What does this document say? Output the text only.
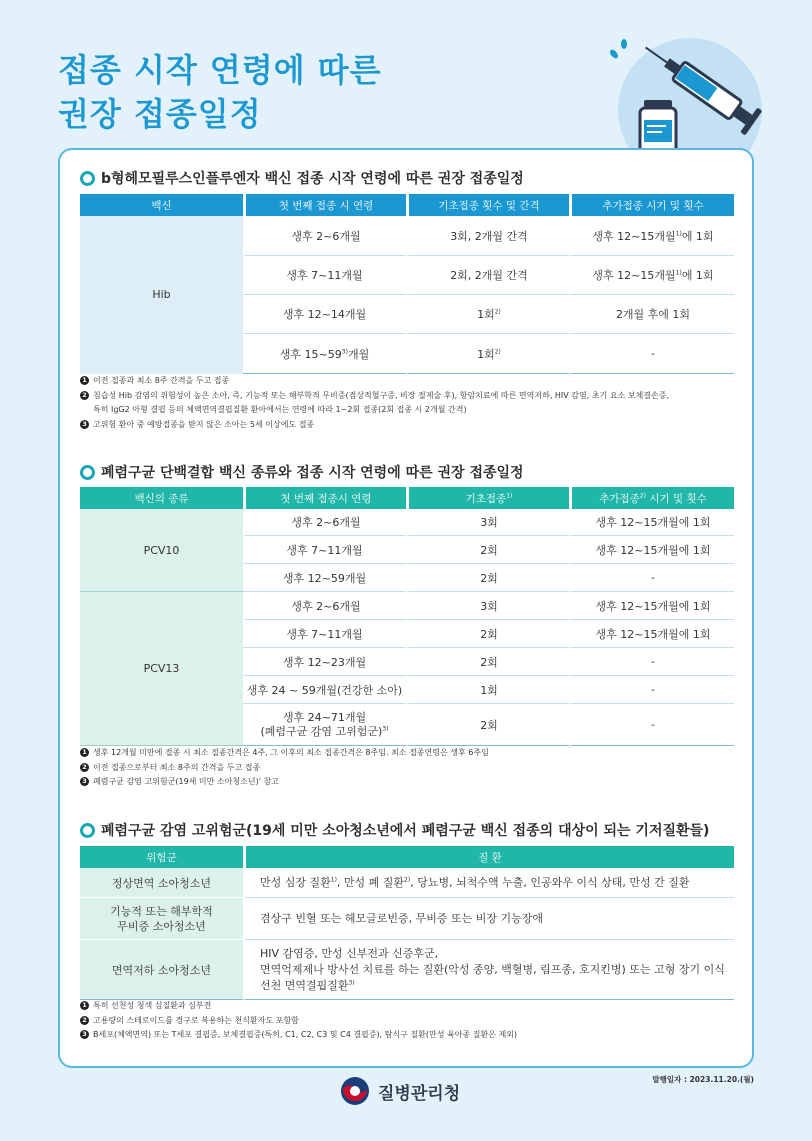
접종 시작 연령에 따른
권장 접종일정
b형헤모필루스인플루엔자 백신 접종 시작 연령에 따른 권장 접종일정
백신	첫 번째 접종 시 연령	기초접종 횟수 및 간격	추가접종 시기 및 횟수
Hib	생후 2~6개월	3회, 2개월 간격	생후 12~15개월$^{1)}$에 1회
	생후 7~11개월	2회, 2개월 간격	생후 12~15개월$^{1)}$에 1회
	생후 12~14개월	1회$^{2)}$	2개월 후에 1회
	생후 15~59$^{3)}$개월	1회$^{2)}$	-
1 이전 접종과 최소 8주 간격을 두고 접종
2 침습성 Hib 감염의 위험성이 높은 소아, 즉, 기능적 또는 해부학적 무비증(겸상적혈구증, 비장 절제술 후), 항암치료에 따른 면역저하, HIV 감염, 초기 요소 보체결손증,
특히 IgG2 아형 결핍 등의 체액면역결핍질환 환아에서는 연령에 따라 1~2회 접종(2회 접종 시 2개월 간격)
3 고위험 환아 중 예방접종을 받지 않은 소아는 5세 이상에도 접종
폐렴구균 단백결합 백신 종류와 접종 시작 연령에 따른 권장 접종일정
백신의 종류	첫 번째 접종시 연령	기초접종$^{1)}$	추가접종$^{2)}$ 시기 및 횟수
PCV10	생후 2~6개월	3회	생후 12~15개월에 1회
	생후 7~11개월	2회	생후 12~15개월에 1회
	생후 12~59개월	2회	-
PCV13	생후 2~6개월	3회	생후 12~15개월에 1회
	생후 7~11개월	2회	생후 12~15개월에 1회
	생후 12~23개월	2회	-
	생후 24 ~ 59개월(건강한 소아)	1회	-
	생후 24~71개월
(폐렴구균 감염 고위험군)$^{3)}$	2회	-
1 생후 12개월 미만에 접종 시 최소 접종간격은 4주, 그 이후의 최소 접종간격은 8주임. 최소 접종연령은 생후 6주임
2 이전 접종으로부터 최소 8주의 간격을 두고 접종
3 폐렴구균 감염 고위험군(19세 미만 소아청소년)' 참고
폐렴구균 감염 고위험군(19세 미만 소아청소년에서 폐렴구균 백신 접종의 대상이 되는 기저질환들)
위험군	질 환
정상면역 소아청소년	만성 심장 질환$^{1)}$, 만성 폐 질환$^{2)}$, 당뇨병, 뇌척수액 누출, 인공와우 이식 상태, 만성 간 질환
기능적 또는 해부학적
무비증 소아청소년	겸상구 빈혈 또는 헤모글로빈증, 무비증 또는 비장 기능장애
면역저하 소아청소년	HIV 감염증, 만성 신부전과 신증후군,
면역억제제나 방사선 치료를 하는 질환(악성 종양, 백혈병, 림프종, 호지킨병) 또는 고형 장기 이식
선천 면역결핍질환$^{3)}$
1 특히 선천성 청색 심질환과 심부전
2 고용량의 스테로이드를 경구로 복용하는 천식환자도 포함함
3 B세포(체액면역) 또는 T세포 결핍증, 보체결핍증(특히, C1, C2, C3 및 C4 결핍증), 탐식구 질환(만성 육아종 질환은 제외)
발행일자 : 2023.11.20.(월)
질병관리청
